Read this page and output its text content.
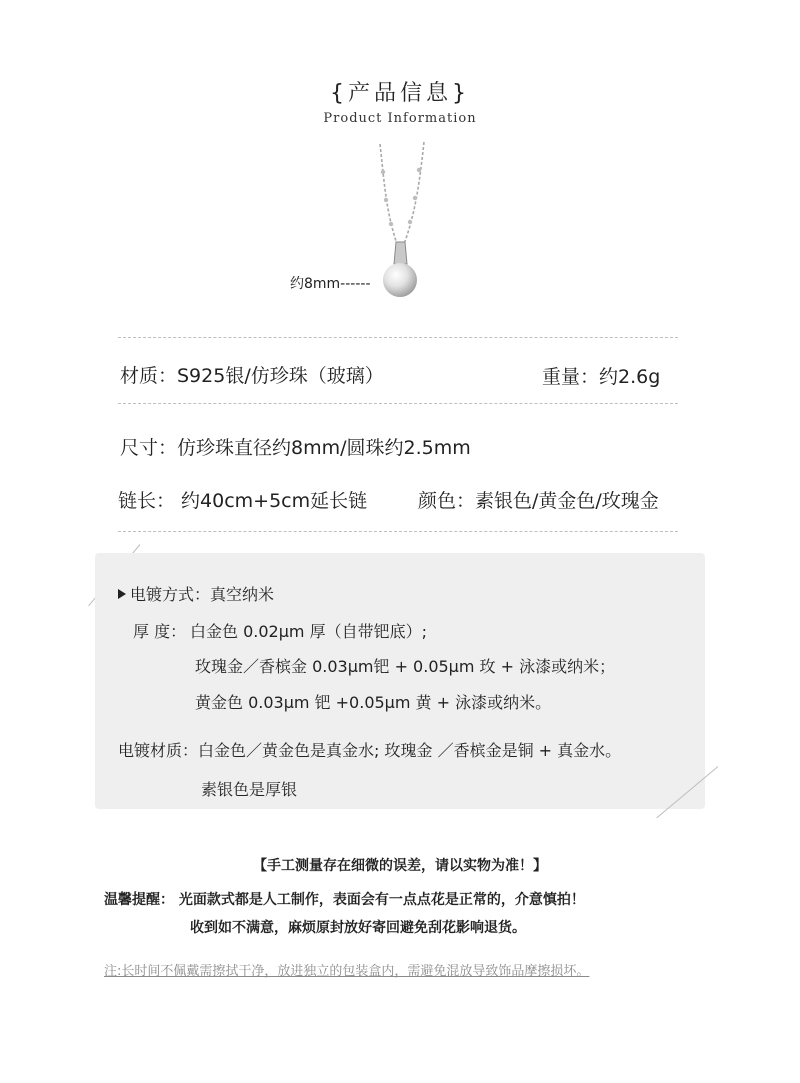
{产品信息}
Product Information
约8mm------
材质：S925银/仿珍珠（玻璃）	重量：约2.6g
尺寸：仿珍珠直径约8mm/圆珠约2.5mm
链长： 约40cm+5cm延长链	颜色：素银色/黄金色/玫瑰金
电镀方式：真空纳米
厚 度： 白金色 0.02μm 厚（自带钯底）;
玫瑰金／香槟金 0.03μm钯 + 0.05μm 玫 + 泳漆或纳米；
黄金色 0.03μm 钯 +0.05μm 黄 + 泳漆或纳米。
电镀材质：白金色／黄金色是真金水; 玫瑰金 ／香槟金是铜 + 真金水。
素银色是厚银
【手工测量存在细微的误差，请以实物为准！】
温馨提醒： 光面款式都是人工制作，表面会有一点点花是正常的，介意慎拍！
收到如不满意，麻烦原封放好寄回避免刮花影响退货。
注:长时间不佩戴需擦拭干净，放进独立的包装盒内，需避免混放导致饰品摩擦损坏。
